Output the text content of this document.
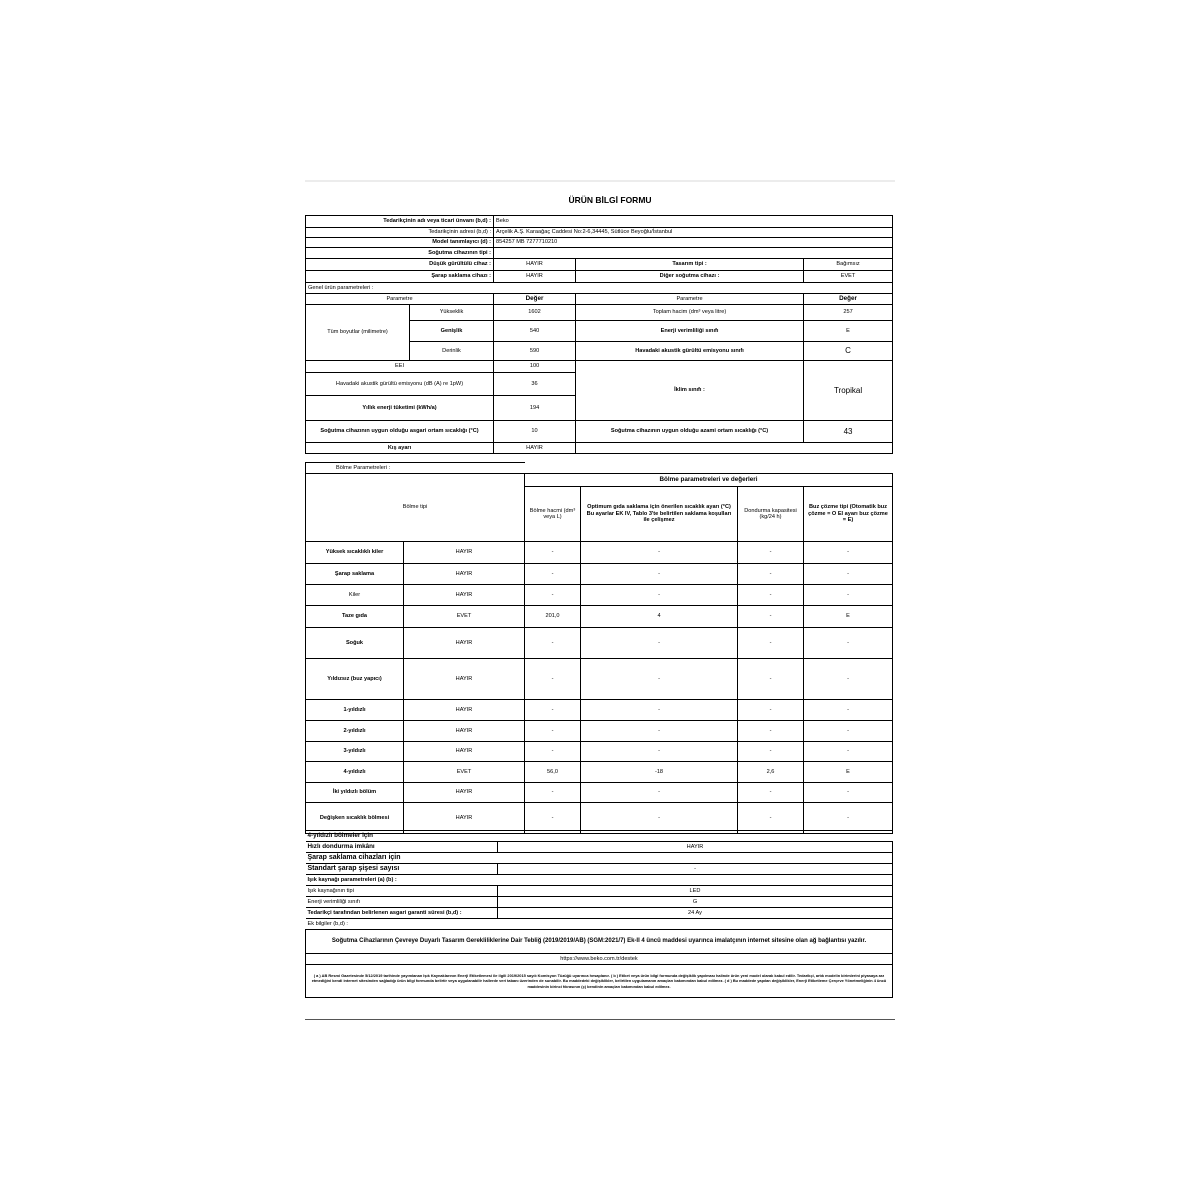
ÜRÜN BİLGİ FORMU
Tedarikçinin adı veya ticari ünvanı (b,d) :		Beko		
Tedarikçinin adresi (b,d) :		Arçelik A.Ş. Karaağaç Caddesi No:2-6,34445, Sütlüce Beyoğlu/İstanbul		
Model tanımlayıcı (d) :		854257 MB 7277710210		
Soğutma cihazının tipi :				
Düşük gürültülü cihaz :		HAYIR	Tasarım tipi :	Bağımsız
Şarap saklama cihazı :		HAYIR	Diğer soğutma cihazı :	EVET
Genel ürün parametreleri :				
Parametre		Değer	Parametre	Değer
Tüm boyutlar (milimetre)	Yükseklik	1602	Toplam hacim (dm³ veya litre)	257
	Genişlik	540	Enerji verimliliği sınıfı	E
	Derinlik	590	Havadaki akustik gürültü emisyonu sınıfı	C
EEI		100	İklim sınıfı :	Tropikal
Havadaki akustik gürültü emisyonu (dB (A) re 1pW)		36		
Yıllık enerji tüketimi (kWh/a)		194		
Soğutma cihazının uygun olduğu asgari ortam sıcaklığı (°C)		10	Soğutma cihazının uygun olduğu azami ortam sıcaklığı (°C)	43
Kış ayarı		HAYIR		
Bölme Parametreleri :					
Bölme tipi		Bölme parametreleri ve değerleri			
		Bölme hacmi (dm³ veya L)	Optimum gıda saklama için önerilen sıcaklık ayarı (°C) Bu ayarlar EK IV, Tablo 3'te belirtilen saklama koşulları ile çelişmez	Dondurma kapasitesi (kg/24 h)	Buz çözme tipi (Otomatik buz çözme = O El ayarı buz çözme = E)
Yüksek sıcaklıklı kiler	HAYIR	-	-	-	-
Şarap saklama	HAYIR	-	-	-	-
Kiler	HAYIR	-	-	-	-
Taze gıda	EVET	201,0	4	-	E
Soğuk	HAYIR	-	-	-	-
Yıldızsız (buz yapıcı)	HAYIR	-	-	-	-
1-yıldızlı	HAYIR	-	-	-	-
2-yıldızlı	HAYIR	-	-	-	-
3-yıldızlı	HAYIR	-	-	-	-
4-yıldızlı	EVET	56,0	-18	2,6	E
İki yıldızlı bölüm	HAYIR	-	-	-	-
Değişken sıcaklık bölmesi	HAYIR	-	-	-	-
4-yıldızlı bölmeler için	
Hızlı dondurma imkânı	HAYIR
Şarap saklama cihazları için	
Standart şarap şişesi sayısı	-
Işık kaynağı parametreleri (a) (b) :	
Işık kaynağının tipi	LED
Enerji verimliliği sınıfı	G
Tedarikçi tarafından belirlenen asgari garanti süresi (b,d) :	24 Ay
Ek bilgiler (b,d) :	
Soğutma Cihazlarının Çevreye Duyarlı Tasarım Gerekliliklerine Dair Tebliğ (2019/2019/AB) (SGM:2021/7) Ek-II 4 üncü maddesi uyarınca imalatçının internet sitesine olan ağ bağlantısı yazılır.	
https://www.beko.com.tr/destek	
( a ) AB Resmi Gazetesinde 5/12/2019 tarihinde yayımlanan Işık Kaynaklarının Enerji Etiketlemesi ile ilgili 2019/2015 sayılı Komisyon Tüzüğü uyarınca hesaplanır. ( b ) Etiket veya ürün bilgi formunda değişiklik yapılması halinde ürün yeni model olarak kabul edilir. Tedarikçi, artık modelin birimlerini piyasaya arz etmediğini kendi internet sitesinden sağladığı ürün bilgi formunda belirtir veya uygulanabilir hallerde veri tabanı üzerinden de sunabilir. Bu maddedeki değişiklikler, belirtilen uygulamanın amaçları bakımından kabul edilmez. ( d ) Bu maddede yapılan değişiklikler, Enerji Etiketleme Çerçeve Yönetmeliğinin 4 üncü maddesinin birinci fıkrasının (ç) bendinin amaçları bakımından kabul edilmez.	
